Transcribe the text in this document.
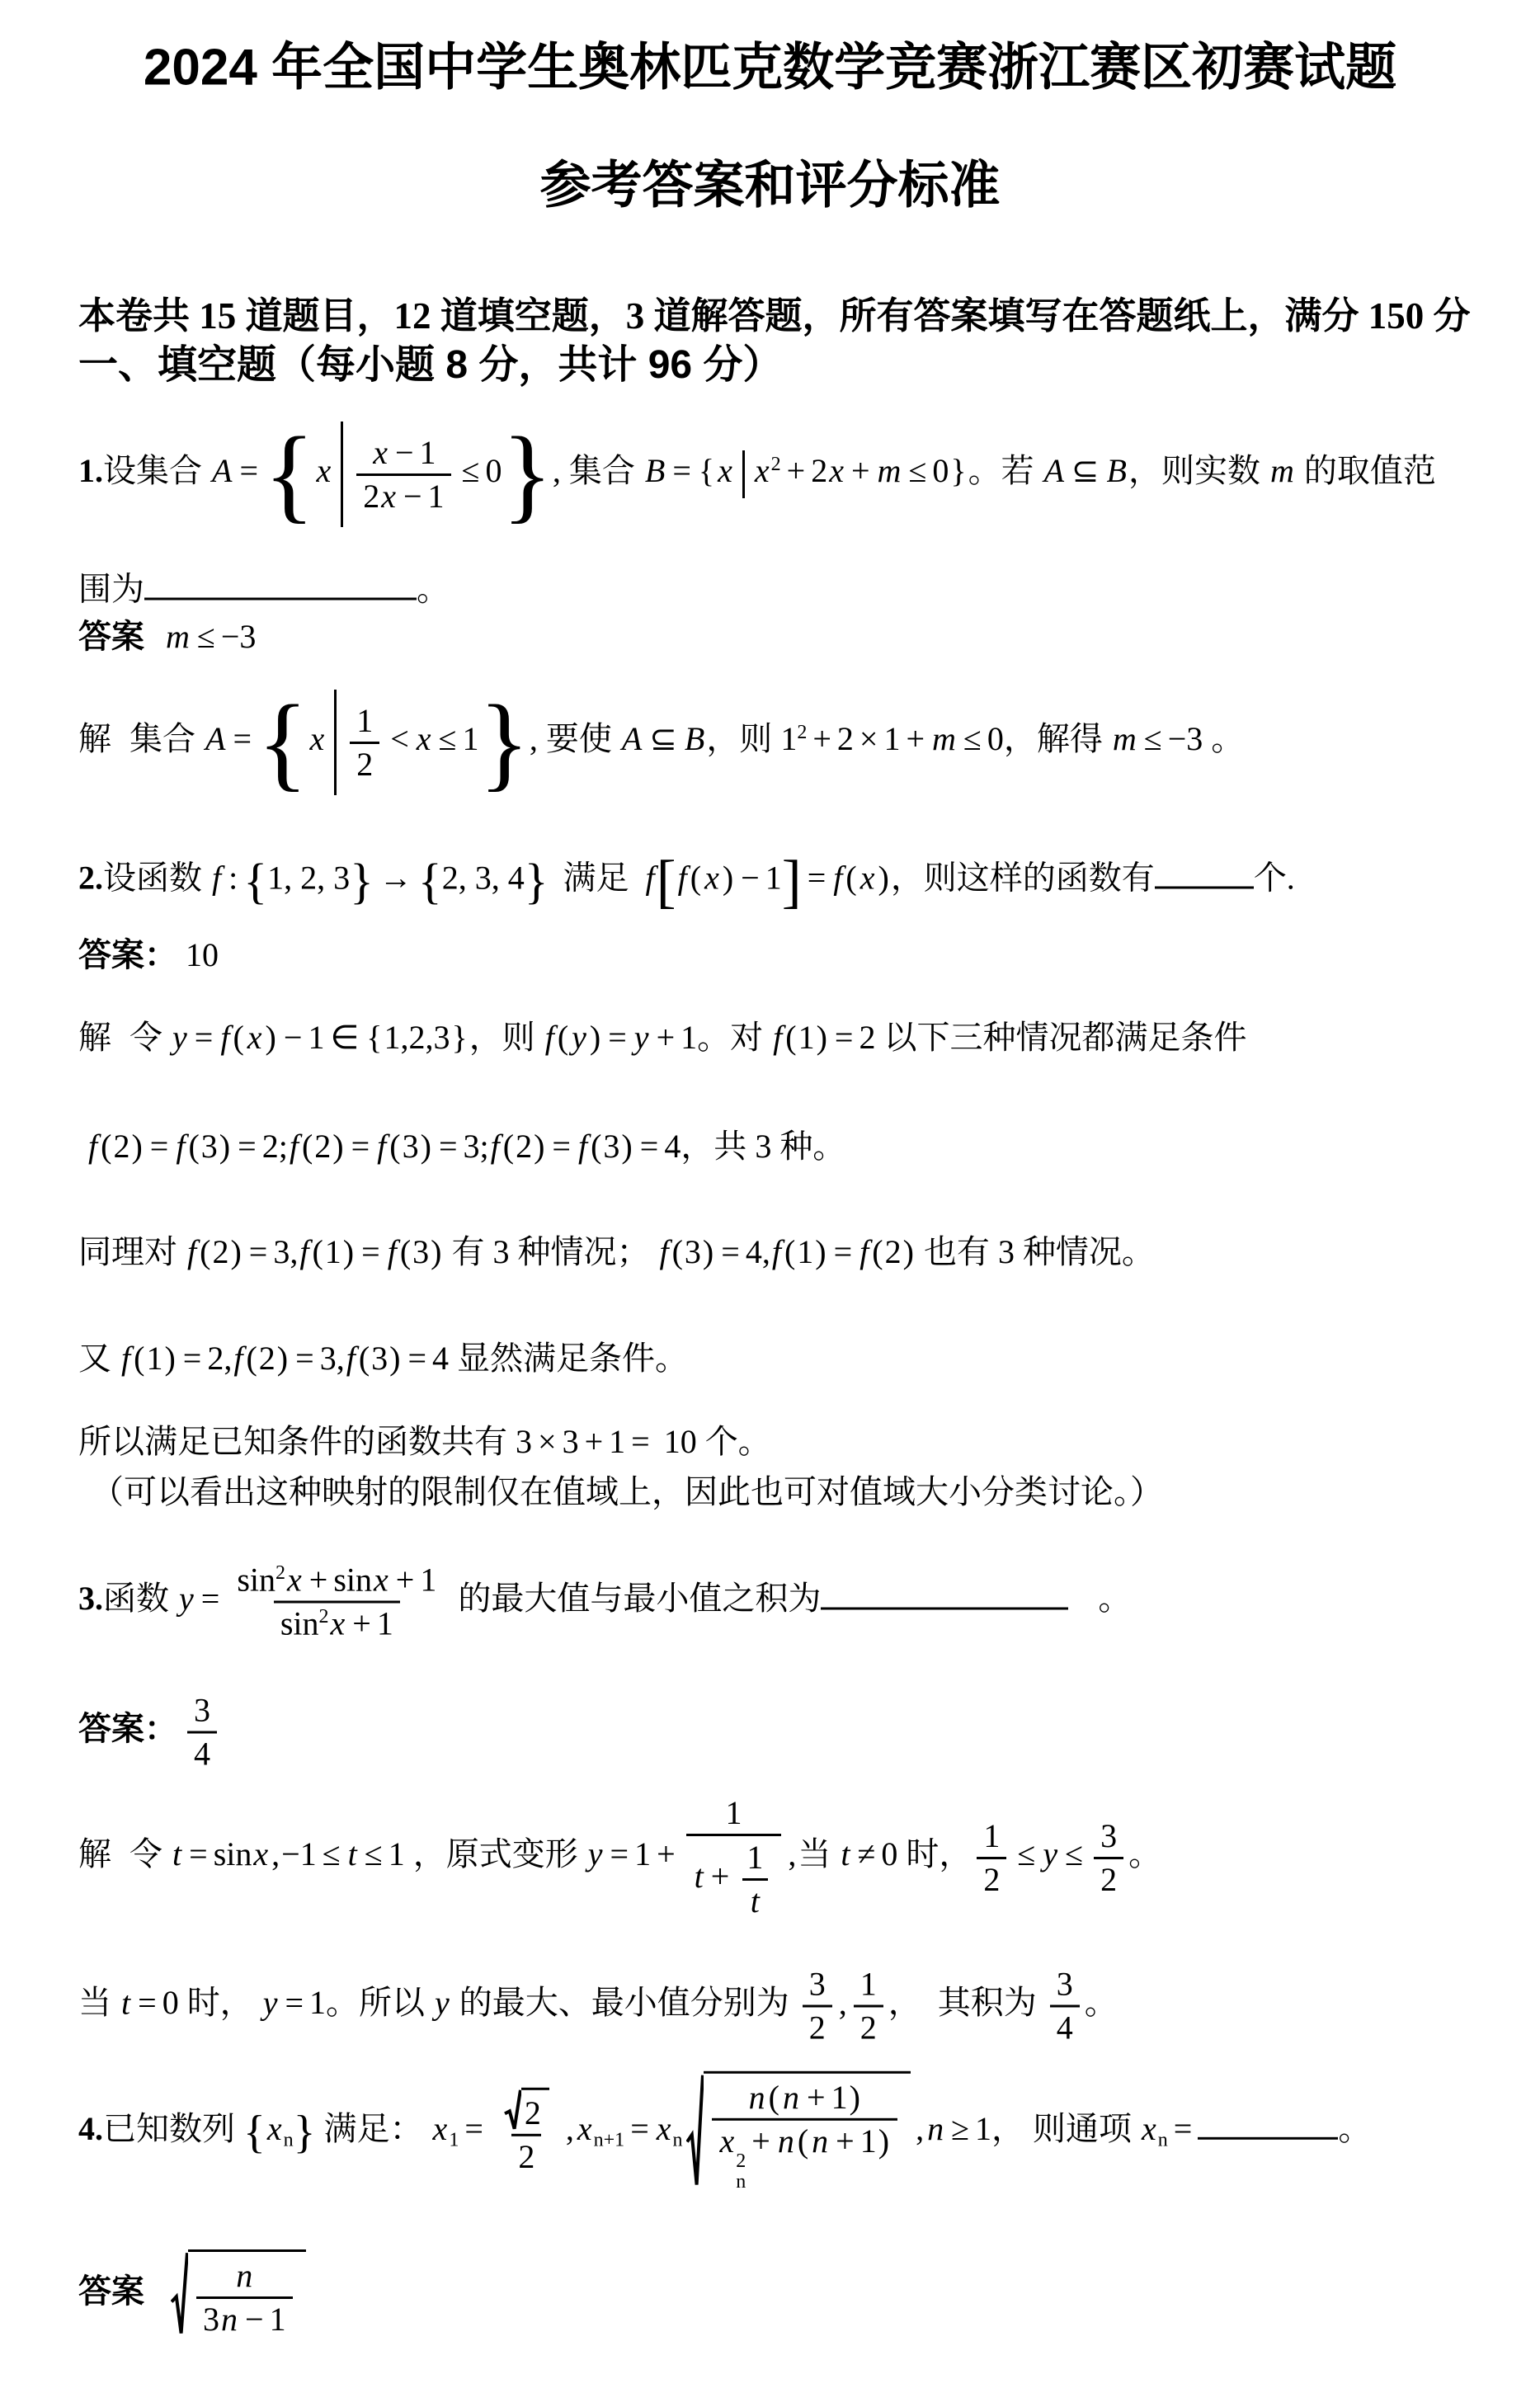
2024 年全国中学生奥林匹克数学竞赛浙江赛区初赛试题
参考答案和评分标准
本卷共 15 道题目，12 道填空题，3 道解答题，所有答案填写在答题纸上，满分 150 分
一、填空题（每小题 8 分，共计 96 分）
1.设集合 $A =\{x \frac{x - 1}{2x - 1} \le 0\}$, 集合 B = { x $x^2 + 2x + m \le 0$}。若 A ⊆ B，则实数 m 的取值范
围为	。
答案 m ≤ −3
解 集合 $A =\{x \frac{1}{2} < x \le 1\}$, 要使 A ⊆ B，则 $1^2 + 2 \times 1 + m \le 0$，解得 m ≤ −3 。
2.设函数 f : {1, 2, 3} → {2, 3, 4} 满足 f[f ( x ) − 1] = f ( x )，则这样的函数有	个.
答案： 10
解 令 y = f ( x ) − 1 ∈ {1,2,3}，则 f ( y ) = y + 1。对 f (1) = 2 以下三种情况都满足条件
f (2) = f (3) = 2;f (2) = f (3) = 3;f (2) = f (3) = 4，共 3 种。
同理对 f (2) = 3,f (1) = f (3) 有 3 种情况； f (3) = 4,f (1) = f (2) 也有 3 种情况。
又 f (1) = 2,f (2) = 3,f (3) = 4 显然满足条件。
所以满足已知条件的函数共有 3 × 3 + 1 = 10 个。
（可以看出这种映射的限制仅在值域上，因此也可对值域大小分类讨论。）
3.函数 $y = \frac{\sin^2x + \sin x + 1}{\sin^2x + 1}$ 的最大值与最小值之积为	。
答案： $\frac{3}{4}$
解 令 t = sinx ,−1 ≤ t ≤ 1 ，原式变形 $y = 1 + \frac{1}{t + \frac{1}{t}}$ ,当 t ≠ 0 时， $\frac{1}{2} \le y \le \frac{3}{2}$ 。
当 t = 0 时， y = 1。所以 y 的最大、最小值分别为 $\frac{3}{2}$ , $\frac{1}{2}$ ，  其积为 $\frac{3}{4}$ 。
4.已知数列 $\{x_n\}$ 满足： $x_1 = \frac{2}{2}$ , $x_{n+1} = x_n$ n ( n + 1)
x
2
n
+ n ( n + 1) , n ≥ 1， 则通项 $x_n$ =	。
答案 $\frac{n}{3n - 1}$
